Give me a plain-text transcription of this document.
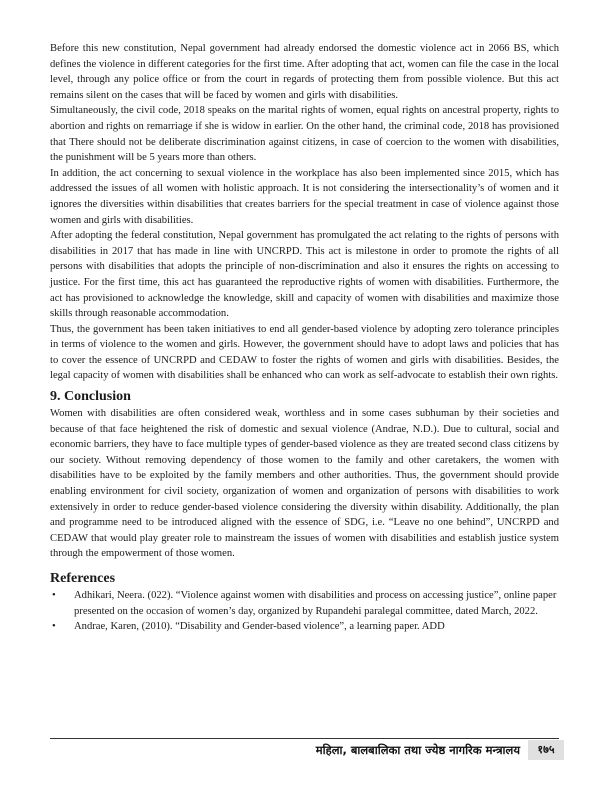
Before this new constitution, Nepal government had already endorsed the domestic violence act in 2066 BS, which defines the violence in different categories for the first time. After adopting that act, women can file the case in the local level, through any police office or from the court in regards of protecting them from possible violence. But this act remains silent on the cases that will be faced by women and girls with disabilities.

Simultaneously, the civil code, 2018 speaks on the marital rights of women, equal rights on ancestral property, rights to abortion and rights on remarriage if she is widow in earlier. On the other hand, the criminal code, 2018 has provisioned that There should not be deliberate discrimination against citizens, in case of coercion to the women with disabilities, the punishment will be 5 years more than others.

In addition, the act concerning to sexual violence in the workplace has also been implemented since 2015, which has addressed the issues of all women with holistic approach. It is not considering the intersectionality’s of women and it ignores the diversities within disabilities that creates barriers for the special treatment in case of violence against those women and girls with disabilities.

After adopting the federal constitution, Nepal government has promulgated the act relating to the rights of persons with disabilities in 2017 that has made in line with UNCRPD. This act is milestone in order to promote the rights of all persons with disabilities that adopts the principle of non-discrimination and also it ensures the rights on accessing to justice. For the first time, this act has guaranteed the reproductive rights of women with disabilities. Furthermore, the act has provisioned to acknowledge the knowledge, skill and capacity of women with disabilities and maximize those skills through reasonable accommodation.

Thus, the government has been taken initiatives to end all gender-based violence by adopting zero tolerance principles in terms of violence to the women and girls. However, the government should have to adopt laws and policies that has to cover the essence of UNCRPD and CEDAW to foster the rights of women and girls with disabilities. Besides, the legal capacity of women with disabilities shall be enhanced who can work as self-advocate to establish their own rights.

9. Conclusion

Women with disabilities are often considered weak, worthless and in some cases subhuman by their societies and because of that face heightened the risk of domestic and sexual violence (Andrae, N.D.). Due to cultural, social and economic barriers, they have to face multiple types of gender-based violence as they are treated second class citizens by our society. Without removing dependency of those women to the family and other caretakers, the women with disabilities have to be exploited by the family members and other authorities. Thus, the government should provide enabling environment for civil society, organization of women and organization of persons with disabilities to work extensively in order to reduce gender-based violence considering the diversity within disability. Additionally, the plan and programme need to be introduced aligned with the essence of SDG, i.e. “Leave no one behind”, UNCRPD and CEDAW that would play greater role to mainstream the issues of women with disabilities and establish justice system through the empowerment of those women.

References
• Adhikari, Neera. (022). “Violence against women with disabilities and process on accessing justice”, online paper presented on the occasion of women’s day, organized by Rupandehi paralegal committee, dated March, 2022.
• Andrae, Karen, (2010). “Disability and Gender-based violence”, a learning paper. ADD
महिला, बालबालिका तथा ज्येष्ठ नागरिक मन्त्रालय	१७५
